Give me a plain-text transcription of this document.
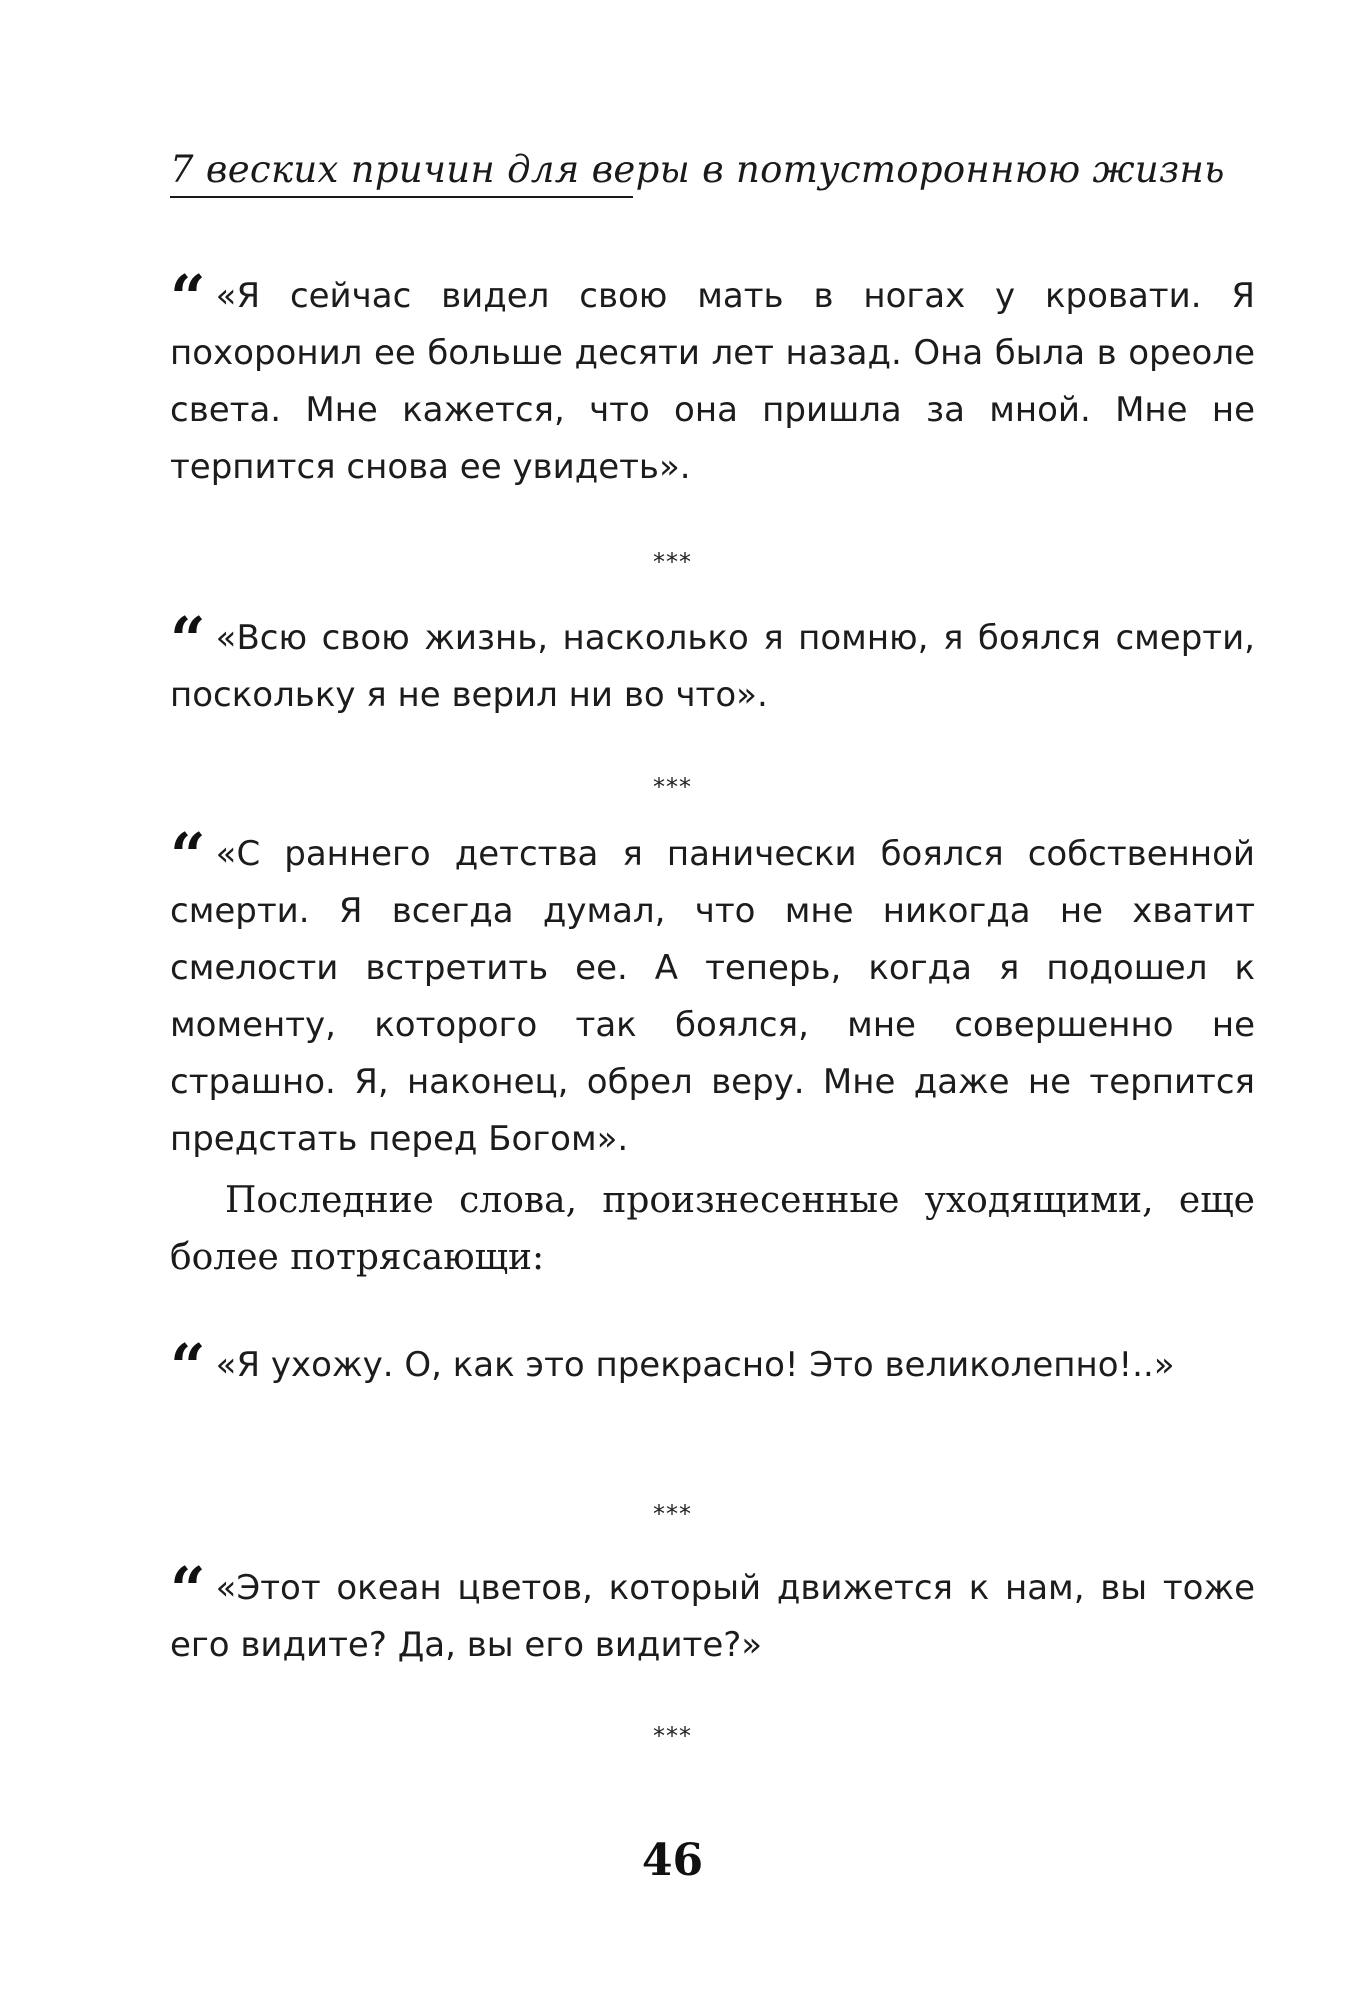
7 веских причин для веры в потустороннюю жизнь

“ «Я сейчас видел свою мать в ногах у кровати. Я похоронил ее больше десяти лет назад. Она была в ореоле света. Мне кажется, что она пришла за мной. Мне не терпится снова ее увидеть».

***

“ «Всю свою жизнь, насколько я помню, я боялся смерти, поскольку я не верил ни во что».

***

“ «С раннего детства я панически боялся собственной смерти. Я всегда думал, что мне никогда не хватит смелости встретить ее. А теперь, когда я подошел к моменту, которого так боялся, мне совершенно не страшно. Я, наконец, обрел веру. Мне даже не терпится предстать перед Богом».

Последние слова, произнесенные уходящими, еще более потрясающи:

“ «Я ухожу. О, как это прекрасно! Это великолепно!..»

***

“ «Этот океан цветов, который движется к нам, вы тоже его видите? Да, вы его видите?»

***
46
